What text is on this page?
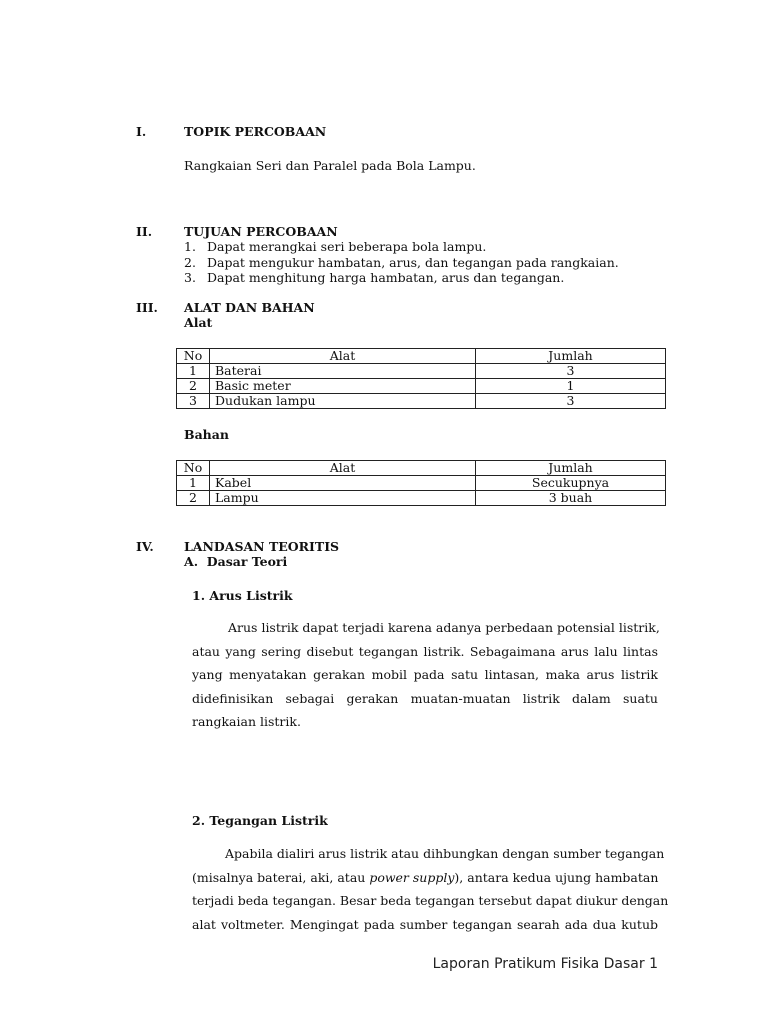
I.	TOPIK PERCOBAAN
Rangkaian Seri dan Paralel pada Bola Lampu.
II.	TUJUAN PERCOBAAN
1. Dapat merangkai seri beberapa bola lampu.
2. Dapat mengukur hambatan, arus, dan tegangan pada rangkaian.
3. Dapat menghitung harga hambatan, arus dan tegangan.
III. ALAT DAN BAHAN
Alat
No	Alat	Jumlah
1	Baterai	3
2	Basic meter	1
3	Dudukan lampu	3
Bahan
No	Alat	Jumlah
1	Kabel	Secukupnya
2	Lampu	3 buah
IV. LANDASAN TEORITIS
A.  Dasar Teori
1. Arus Listrik
Arus listrik dapat terjadi karena adanya perbedaan potensial listrik,
atau yang sering disebut tegangan listrik. Sebagaimana arus lalu lintas
yang menyatakan gerakan mobil pada satu lintasan, maka arus listrik
didefinisikan sebagai gerakan muatan-muatan listrik dalam suatu
rangkaian listrik.
2. Tegangan Listrik
Apabila dialiri arus listrik atau dihbungkan dengan sumber tegangan
(misalnya baterai, aki, atau power supply), antara kedua ujung hambatan
terjadi beda tegangan. Besar beda tegangan tersebut dapat diukur dengan
alat voltmeter. Mengingat pada sumber tegangan searah ada dua kutub
Laporan Pratikum Fisika Dasar 1
